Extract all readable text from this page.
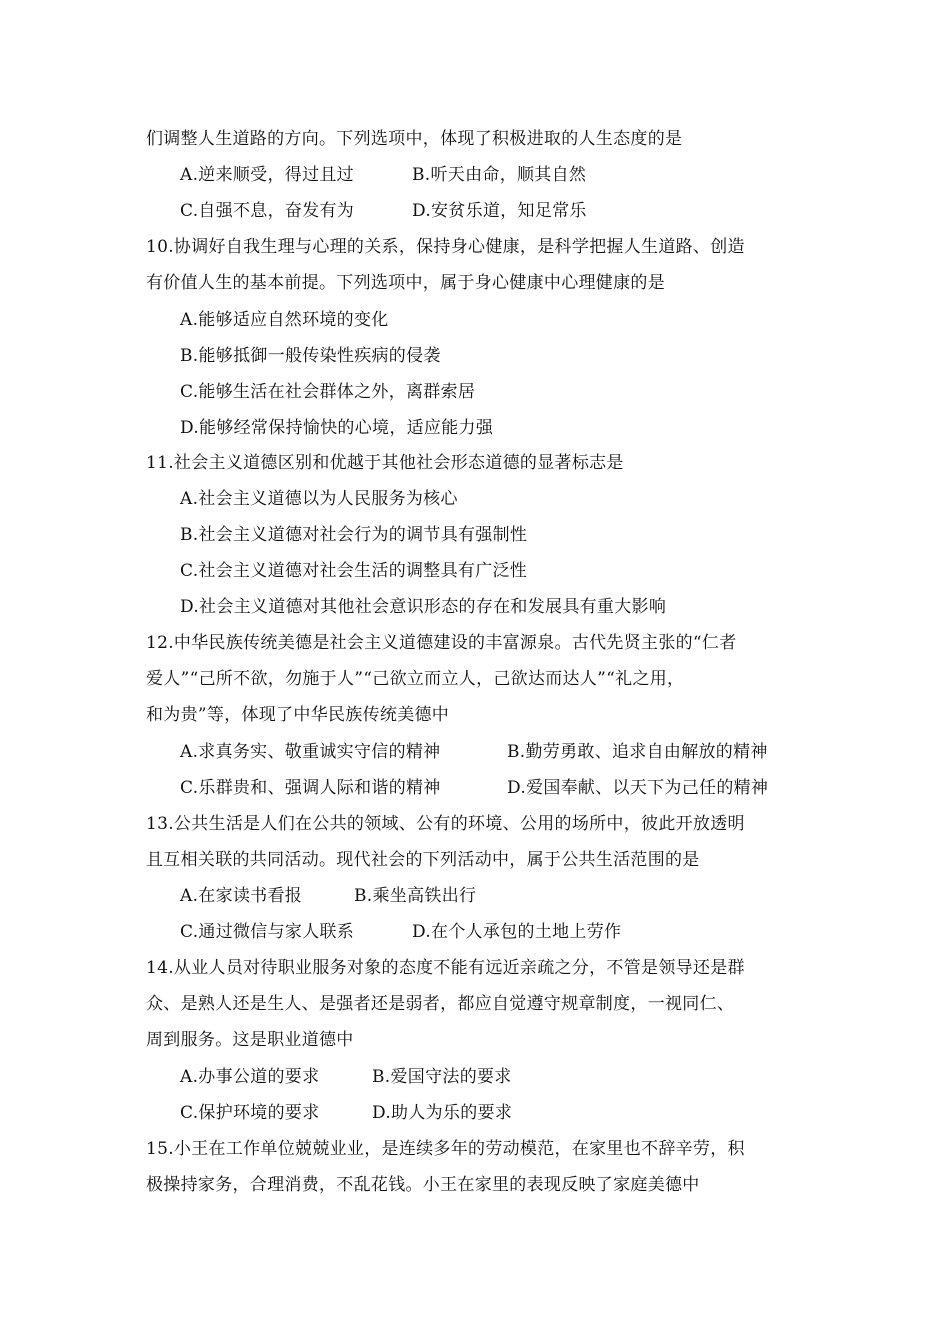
们调整人生道路的方向。下列选项中，体现了积极进取的人生态度的是
A.逆来顺受，得过且过	B.听天由命，顺其自然
C.自强不息，奋发有为	D.安贫乐道，知足常乐
10.协调好自我生理与心理的关系，保持身心健康，是科学把握人生道路、创造
有价值人生的基本前提。下列选项中，属于身心健康中心理健康的是
A.能够适应自然环境的变化
B.能够抵御一般传染性疾病的侵袭
C.能够生活在社会群体之外，离群索居
D.能够经常保持愉快的心境，适应能力强
11.社会主义道德区别和优越于其他社会形态道德的显著标志是
A.社会主义道德以为人民服务为核心
B.社会主义道德对社会行为的调节具有强制性
C.社会主义道德对社会生活的调整具有广泛性
D.社会主义道德对其他社会意识形态的存在和发展具有重大影响
12.中华民族传统美德是社会主义道德建设的丰富源泉。古代先贤主张的“仁者
爱人”“己所不欲，勿施于人”“己欲立而立人，己欲达而达人”“礼之用，
和为贵”等，体现了中华民族传统美德中
A.求真务实、敬重诚实守信的精神	B.勤劳勇敢、追求自由解放的精神
C.乐群贵和、强调人际和谐的精神	D.爱国奉献、以天下为己任的精神
13.公共生活是人们在公共的领域、公有的环境、公用的场所中，彼此开放透明
且互相关联的共同活动。现代社会的下列活动中，属于公共生活范围的是
A.在家读书看报	B.乘坐高铁出行
C.通过微信与家人联系	D.在个人承包的土地上劳作
14.从业人员对待职业服务对象的态度不能有远近亲疏之分，不管是领导还是群
众、是熟人还是生人、是强者还是弱者，都应自觉遵守规章制度，一视同仁、
周到服务。这是职业道德中
A.办事公道的要求	B.爱国守法的要求
C.保护环境的要求	D.助人为乐的要求
15.小王在工作单位兢兢业业，是连续多年的劳动模范，在家里也不辞辛劳，积
极操持家务，合理消费，不乱花钱。小王在家里的表现反映了家庭美德中
